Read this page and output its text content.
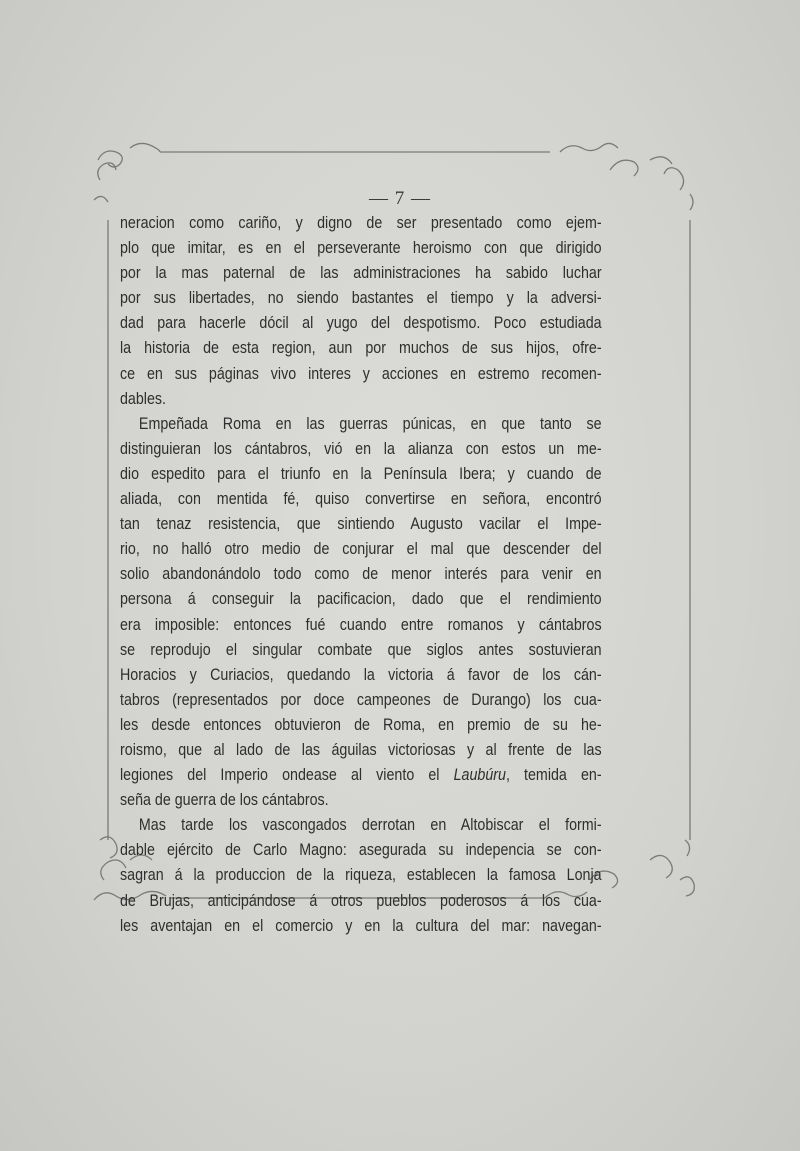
— 7 —
neracion como cariño, y digno de ser presentado como ejem-
plo que imitar, es en el perseverante heroismo con que dirigido
por la mas paternal de las administraciones ha sabido luchar
por sus libertades, no siendo bastantes el tiempo y la adversi-
dad para hacerle dócil al yugo del despotismo. Poco estudiada
la historia de esta region, aun por muchos de sus hijos, ofre-
ce en sus páginas vivo interes y acciones en estremo recomen-
dables.
Empeñada Roma en las guerras púnicas, en que tanto se
distinguieran los cántabros, vió en la alianza con estos un me-
dio espedito para el triunfo en la Península Ibera; y cuando de
aliada, con mentida fé, quiso convertirse en señora, encontró
tan tenaz resistencia, que sintiendo Augusto vacilar el Impe-
rio, no halló otro medio de conjurar el mal que descender del
solio abandonándolo todo como de menor interés para venir en
persona á conseguir la pacificacion, dado que el rendimiento
era imposible: entonces fué cuando entre romanos y cántabros
se reprodujo el singular combate que siglos antes sostuvieran
Horacios y Curiacios, quedando la victoria á favor de los cán-
tabros (representados por doce campeones de Durango) los cua-
les desde entonces obtuvieron de Roma, en premio de su he-
roismo, que al lado de las águilas victoriosas y al frente de las
legiones del Imperio ondease al viento el Laubúru, temida en-
seña de guerra de los cántabros.
Mas tarde los vascongados derrotan en Altobiscar el formi-
dable ejército de Carlo Magno: asegurada su indepencia se con-
sagran á la produccion de la riqueza, establecen la famosa Lonja
de Brujas, anticipándose á otros pueblos poderosos á los cua-
les aventajan en el comercio y en la cultura del mar: navegan-
